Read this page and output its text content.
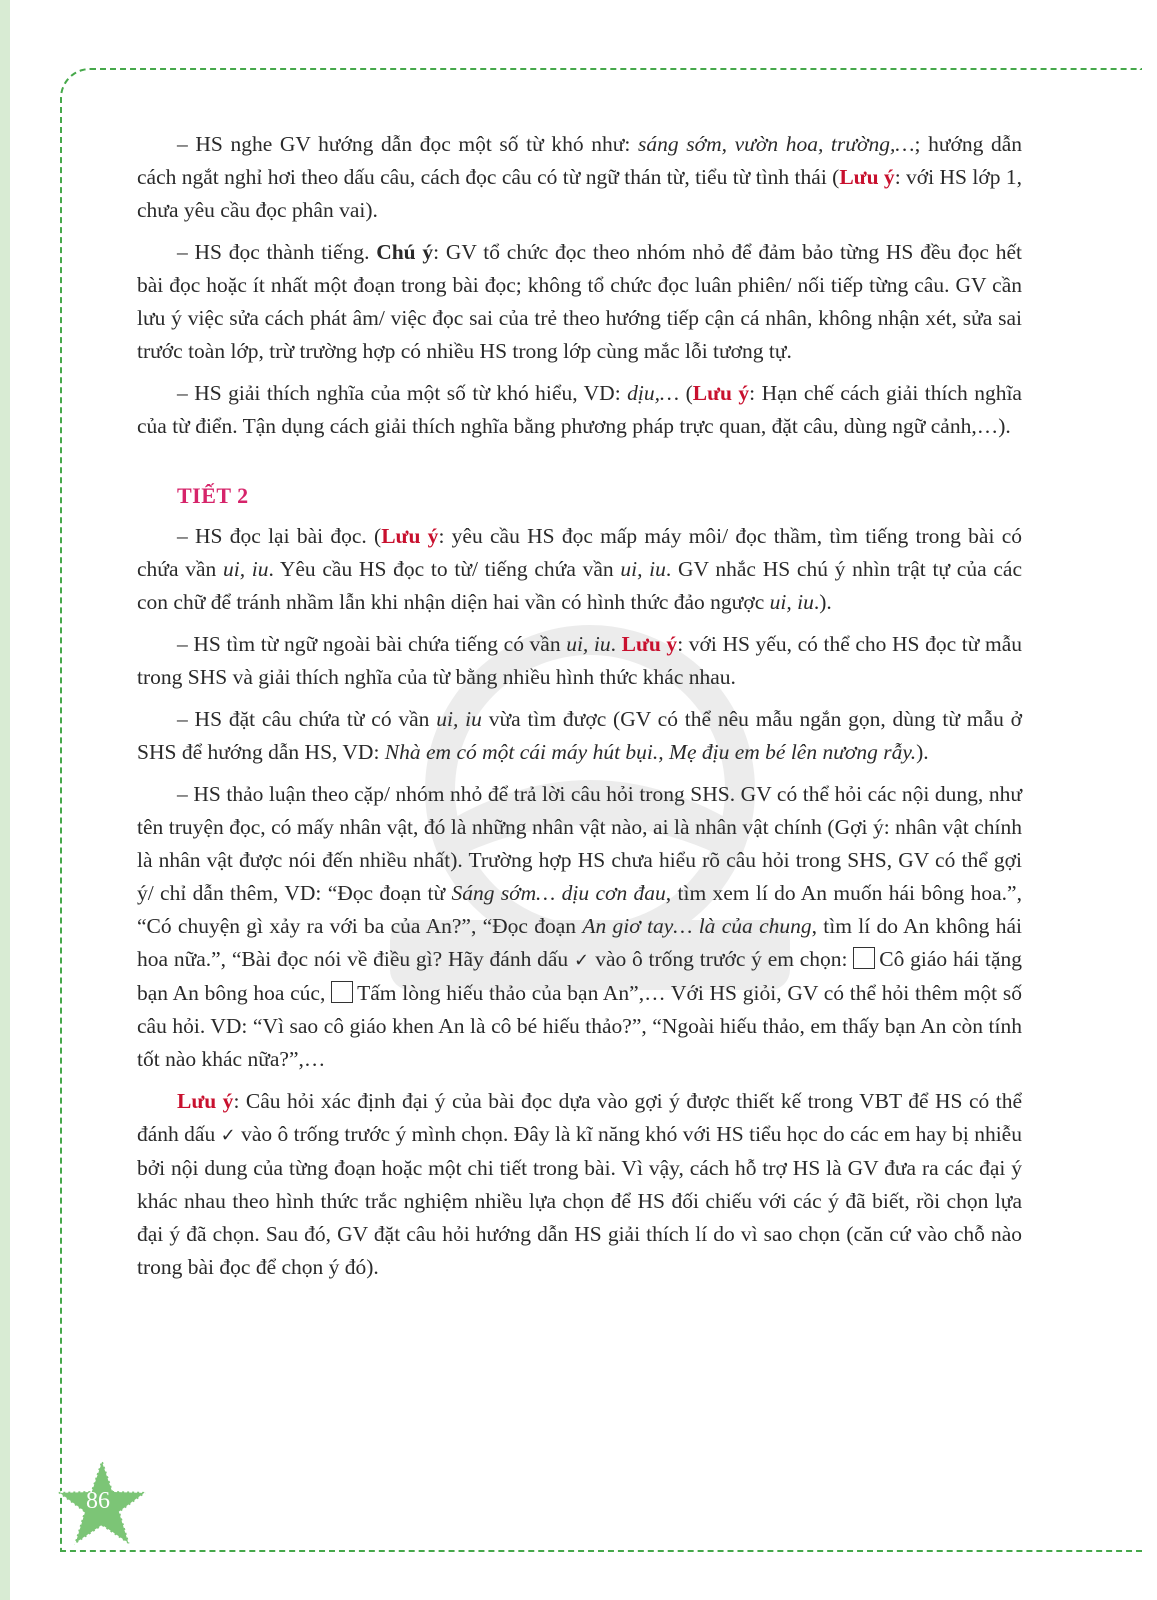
– HS nghe GV hướng dẫn đọc một số từ khó như: sáng sớm, vườn hoa, trường,…; hướng dẫn cách ngắt nghỉ hơi theo dấu câu, cách đọc câu có từ ngữ thán từ, tiểu từ tình thái (Lưu ý: với HS lớp 1, chưa yêu cầu đọc phân vai).

– HS đọc thành tiếng. Chú ý: GV tổ chức đọc theo nhóm nhỏ để đảm bảo từng HS đều đọc hết bài đọc hoặc ít nhất một đoạn trong bài đọc; không tổ chức đọc luân phiên/ nối tiếp từng câu. GV cần lưu ý việc sửa cách phát âm/ việc đọc sai của trẻ theo hướng tiếp cận cá nhân, không nhận xét, sửa sai trước toàn lớp, trừ trường hợp có nhiều HS trong lớp cùng mắc lỗi tương tự.

– HS giải thích nghĩa của một số từ khó hiểu, VD: dịu,… (Lưu ý: Hạn chế cách giải thích nghĩa của từ điển. Tận dụng cách giải thích nghĩa bằng phương pháp trực quan, đặt câu, dùng ngữ cảnh,…).

TIẾT 2

– HS đọc lại bài đọc. (Lưu ý: yêu cầu HS đọc mấp máy môi/ đọc thầm, tìm tiếng trong bài có chứa vần ui, iu. Yêu cầu HS đọc to từ/ tiếng chứa vần ui, iu. GV nhắc HS chú ý nhìn trật tự của các con chữ để tránh nhầm lẫn khi nhận diện hai vần có hình thức đảo ngược ui, iu.).

– HS tìm từ ngữ ngoài bài chứa tiếng có vần ui, iu. Lưu ý: với HS yếu, có thể cho HS đọc từ mẫu trong SHS và giải thích nghĩa của từ bằng nhiều hình thức khác nhau.

– HS đặt câu chứa từ có vần ui, iu vừa tìm được (GV có thể nêu mẫu ngắn gọn, dùng từ mẫu ở SHS để hướng dẫn HS, VD: Nhà em có một cái máy hút bụi., Mẹ địu em bé lên nương rẫy.).

– HS thảo luận theo cặp/ nhóm nhỏ để trả lời câu hỏi trong SHS. GV có thể hỏi các nội dung, như tên truyện đọc, có mấy nhân vật, đó là những nhân vật nào, ai là nhân vật chính (Gợi ý: nhân vật chính là nhân vật được nói đến nhiều nhất). Trường hợp HS chưa hiểu rõ câu hỏi trong SHS, GV có thể gợi ý/ chỉ dẫn thêm, VD: “Đọc đoạn từ Sáng sớm… dịu cơn đau, tìm xem lí do An muốn hái bông hoa.”, “Có chuyện gì xảy ra với ba của An?”, “Đọc đoạn An giơ tay… là của chung, tìm lí do An không hái hoa nữa.”, “Bài đọc nói về điều gì? Hãy đánh dấu ✓ vào ô trống trước ý em chọn: Cô giáo hái tặng bạn An bông hoa cúc, Tấm lòng hiếu thảo của bạn An”,… Với HS giỏi, GV có thể hỏi thêm một số câu hỏi. VD: “Vì sao cô giáo khen An là cô bé hiếu thảo?”, “Ngoài hiếu thảo, em thấy bạn An còn tính tốt nào khác nữa?”,…

Lưu ý: Câu hỏi xác định đại ý của bài đọc dựa vào gợi ý được thiết kế trong VBT để HS có thể đánh dấu ✓ vào ô trống trước ý mình chọn. Đây là kĩ năng khó với HS tiểu học do các em hay bị nhiễu bởi nội dung của từng đoạn hoặc một chi tiết trong bài. Vì vậy, cách hỗ trợ HS là GV đưa ra các đại ý khác nhau theo hình thức trắc nghiệm nhiều lựa chọn để HS đối chiếu với các ý đã biết, rồi chọn lựa đại ý đã chọn. Sau đó, GV đặt câu hỏi hướng dẫn HS giải thích lí do vì sao chọn (căn cứ vào chỗ nào trong bài đọc để chọn ý đó).

86
